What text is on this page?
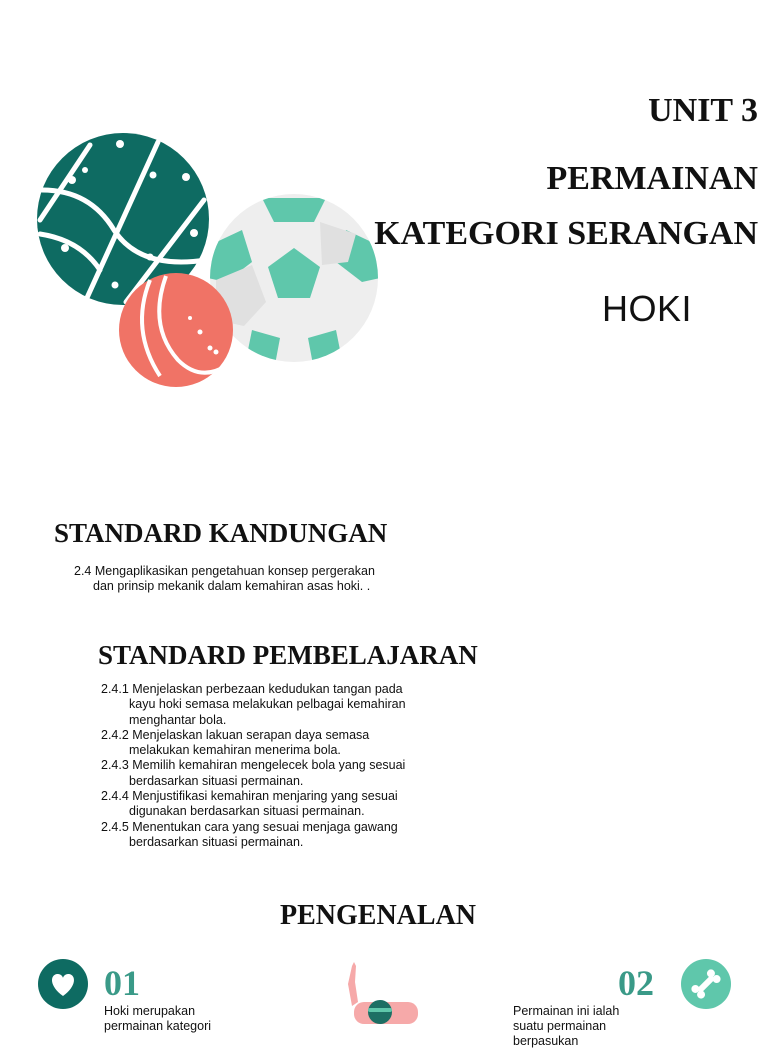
UNIT 3
PERMAINAN
KATEGORI SERANGAN
HOKI
STANDARD KANDUNGAN
2.4 Mengaplikasikan pengetahuan konsep pergerakan
dan prinsip mekanik dalam kemahiran asas hoki. .
STANDARD PEMBELAJARAN

2.4.1 Menjelaskan perbezaan kedudukan tangan pada kayu hoki semasa melakukan pelbagai kemahiran menghantar bola.

2.4.2 Menjelaskan lakuan serapan daya semasa melakukan kemahiran menerima bola.

2.4.3 Memilih kemahiran mengelecek bola yang sesuai berdasarkan situasi permainan.

2.4.4 Menjustifikasi kemahiran menjaring yang sesuai digunakan berdasarkan situasi permainan.

2.4.5 Menentukan cara yang sesuai menjaga gawang berdasarkan situasi permainan.

PENGENALAN
01
Hoki merupakan permainan kategori
02
Permainan ini ialah suatu permainan berpasukan
